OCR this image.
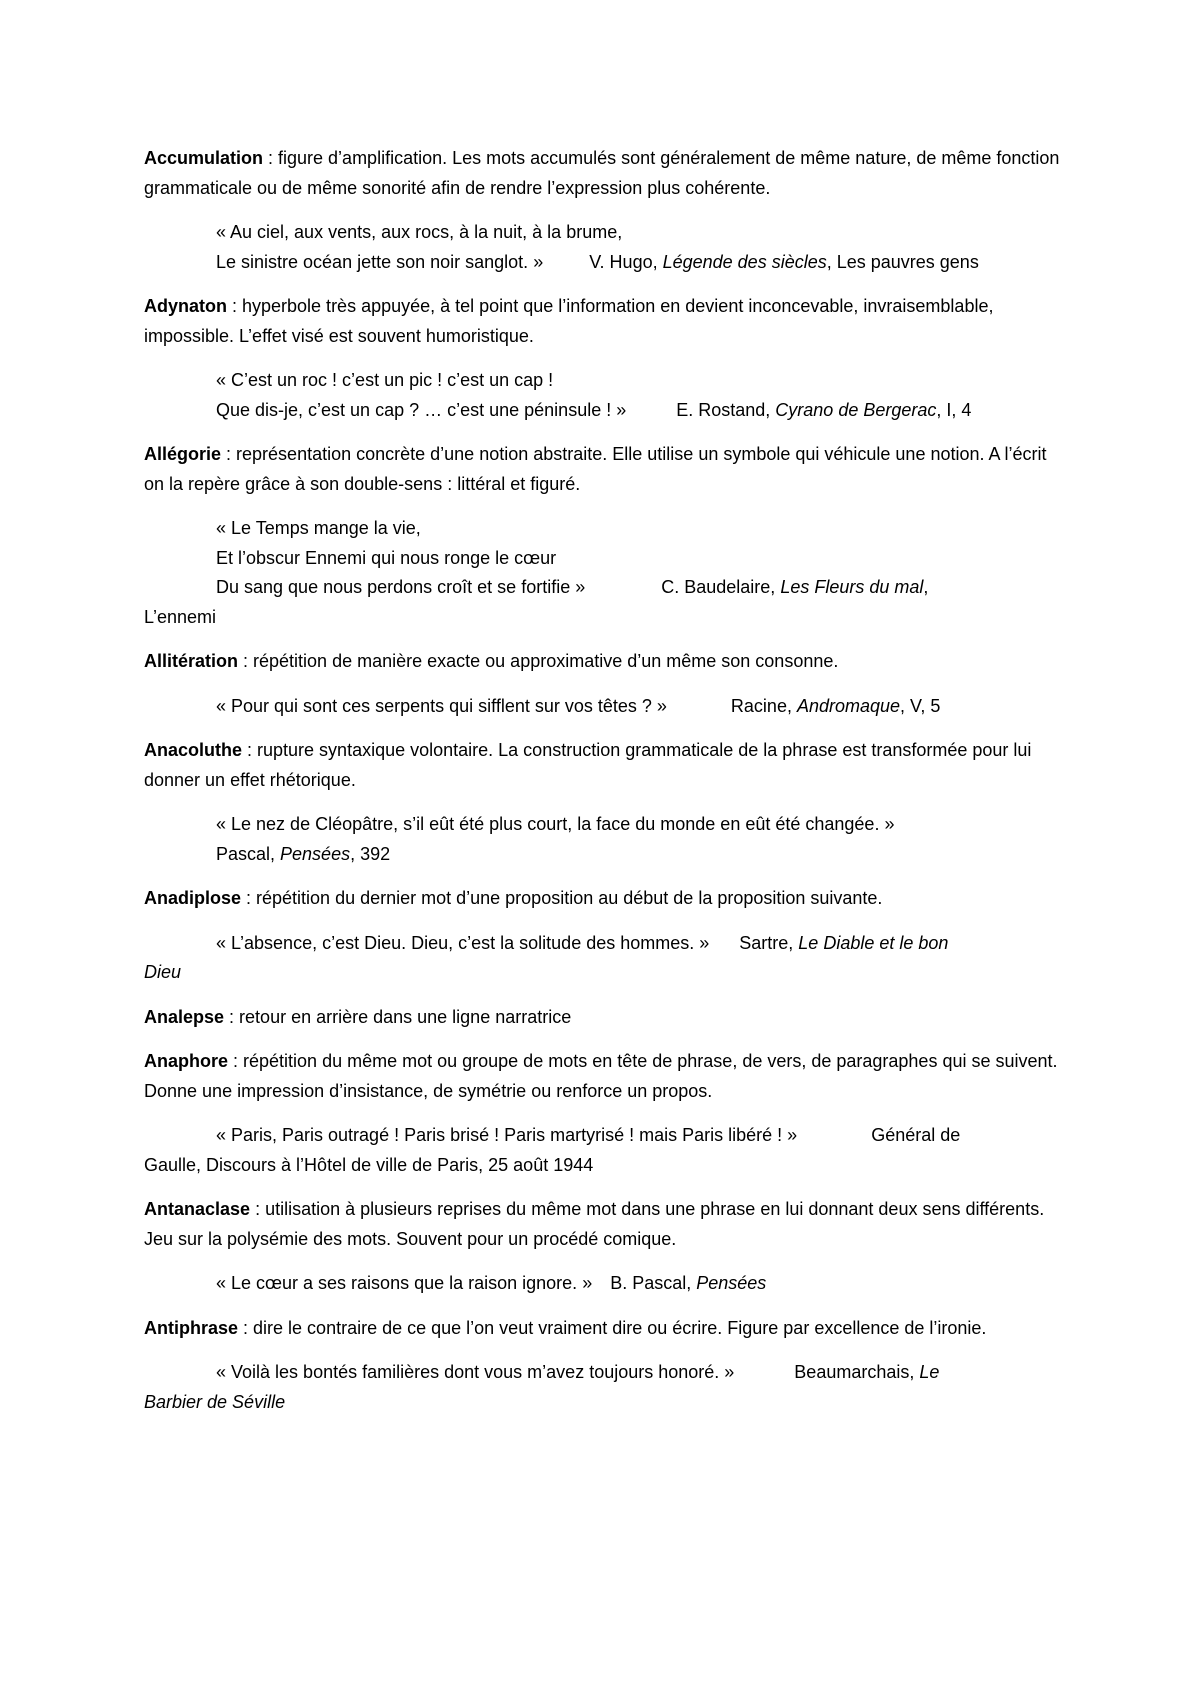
Accumulation : figure d’amplification. Les mots accumulés sont généralement de même nature, de même fonction grammaticale ou de même sonorité afin de rendre l’expression plus cohérente.

« Au ciel, aux vents, aux rocs, à la nuit, à la brume,
Le sinistre océan jette son noir sanglot. »	V. Hugo, Légende des siècles, Les pauvres gens

Adynaton : hyperbole très appuyée, à tel point que l’information en devient inconcevable, invraisemblable, impossible. L’effet visé est souvent humoristique.

« C’est un roc ! c’est un pic ! c’est un cap !
Que dis-je, c’est un cap ? … c’est une péninsule ! »	E. Rostand, Cyrano de Bergerac, I, 4

Allégorie : représentation concrète d’une notion abstraite. Elle utilise un symbole qui véhicule une notion. A l’écrit on la repère grâce à son double-sens : littéral et figuré.

« Le Temps mange la vie,
Et l’obscur Ennemi qui nous ronge le cœur
Du sang que nous perdons croît et se fortifie »	C. Baudelaire, Les Fleurs du mal,
L’ennemi

Allitération : répétition de manière exacte ou approximative d’un même son consonne.

« Pour qui sont ces serpents qui sifflent sur vos têtes ? »	Racine, Andromaque, V, 5

Anacoluthe : rupture syntaxique volontaire. La construction grammaticale de la phrase est transformée pour lui donner un effet rhétorique.

« Le nez de Cléopâtre, s’il eût été plus court, la face du monde en eût été changée. »
Pascal, Pensées, 392

Anadiplose : répétition du dernier mot d’une proposition au début de la proposition suivante.

« L’absence, c’est Dieu. Dieu, c’est la solitude des hommes. » Sartre, Le Diable et le bon
Dieu

Analepse : retour en arrière dans une ligne narratrice

Anaphore : répétition du même mot ou groupe de mots en tête de phrase, de vers, de paragraphes qui se suivent. Donne une impression d’insistance, de symétrie ou renforce un propos.

« Paris, Paris outragé ! Paris brisé ! Paris martyrisé ! mais Paris libéré ! »	Général de
Gaulle, Discours à l’Hôtel de ville de Paris, 25 août 1944

Antanaclase : utilisation à plusieurs reprises du même mot dans une phrase en lui donnant deux sens différents. Jeu sur la polysémie des mots. Souvent pour un procédé comique.

« Le cœur a ses raisons que la raison ignore. » B. Pascal, Pensées

Antiphrase : dire le contraire de ce que l’on veut vraiment dire ou écrire. Figure par excellence de l’ironie.

« Voilà les bontés familières dont vous m’avez toujours honoré. »	Beaumarchais, Le
Barbier de Séville
